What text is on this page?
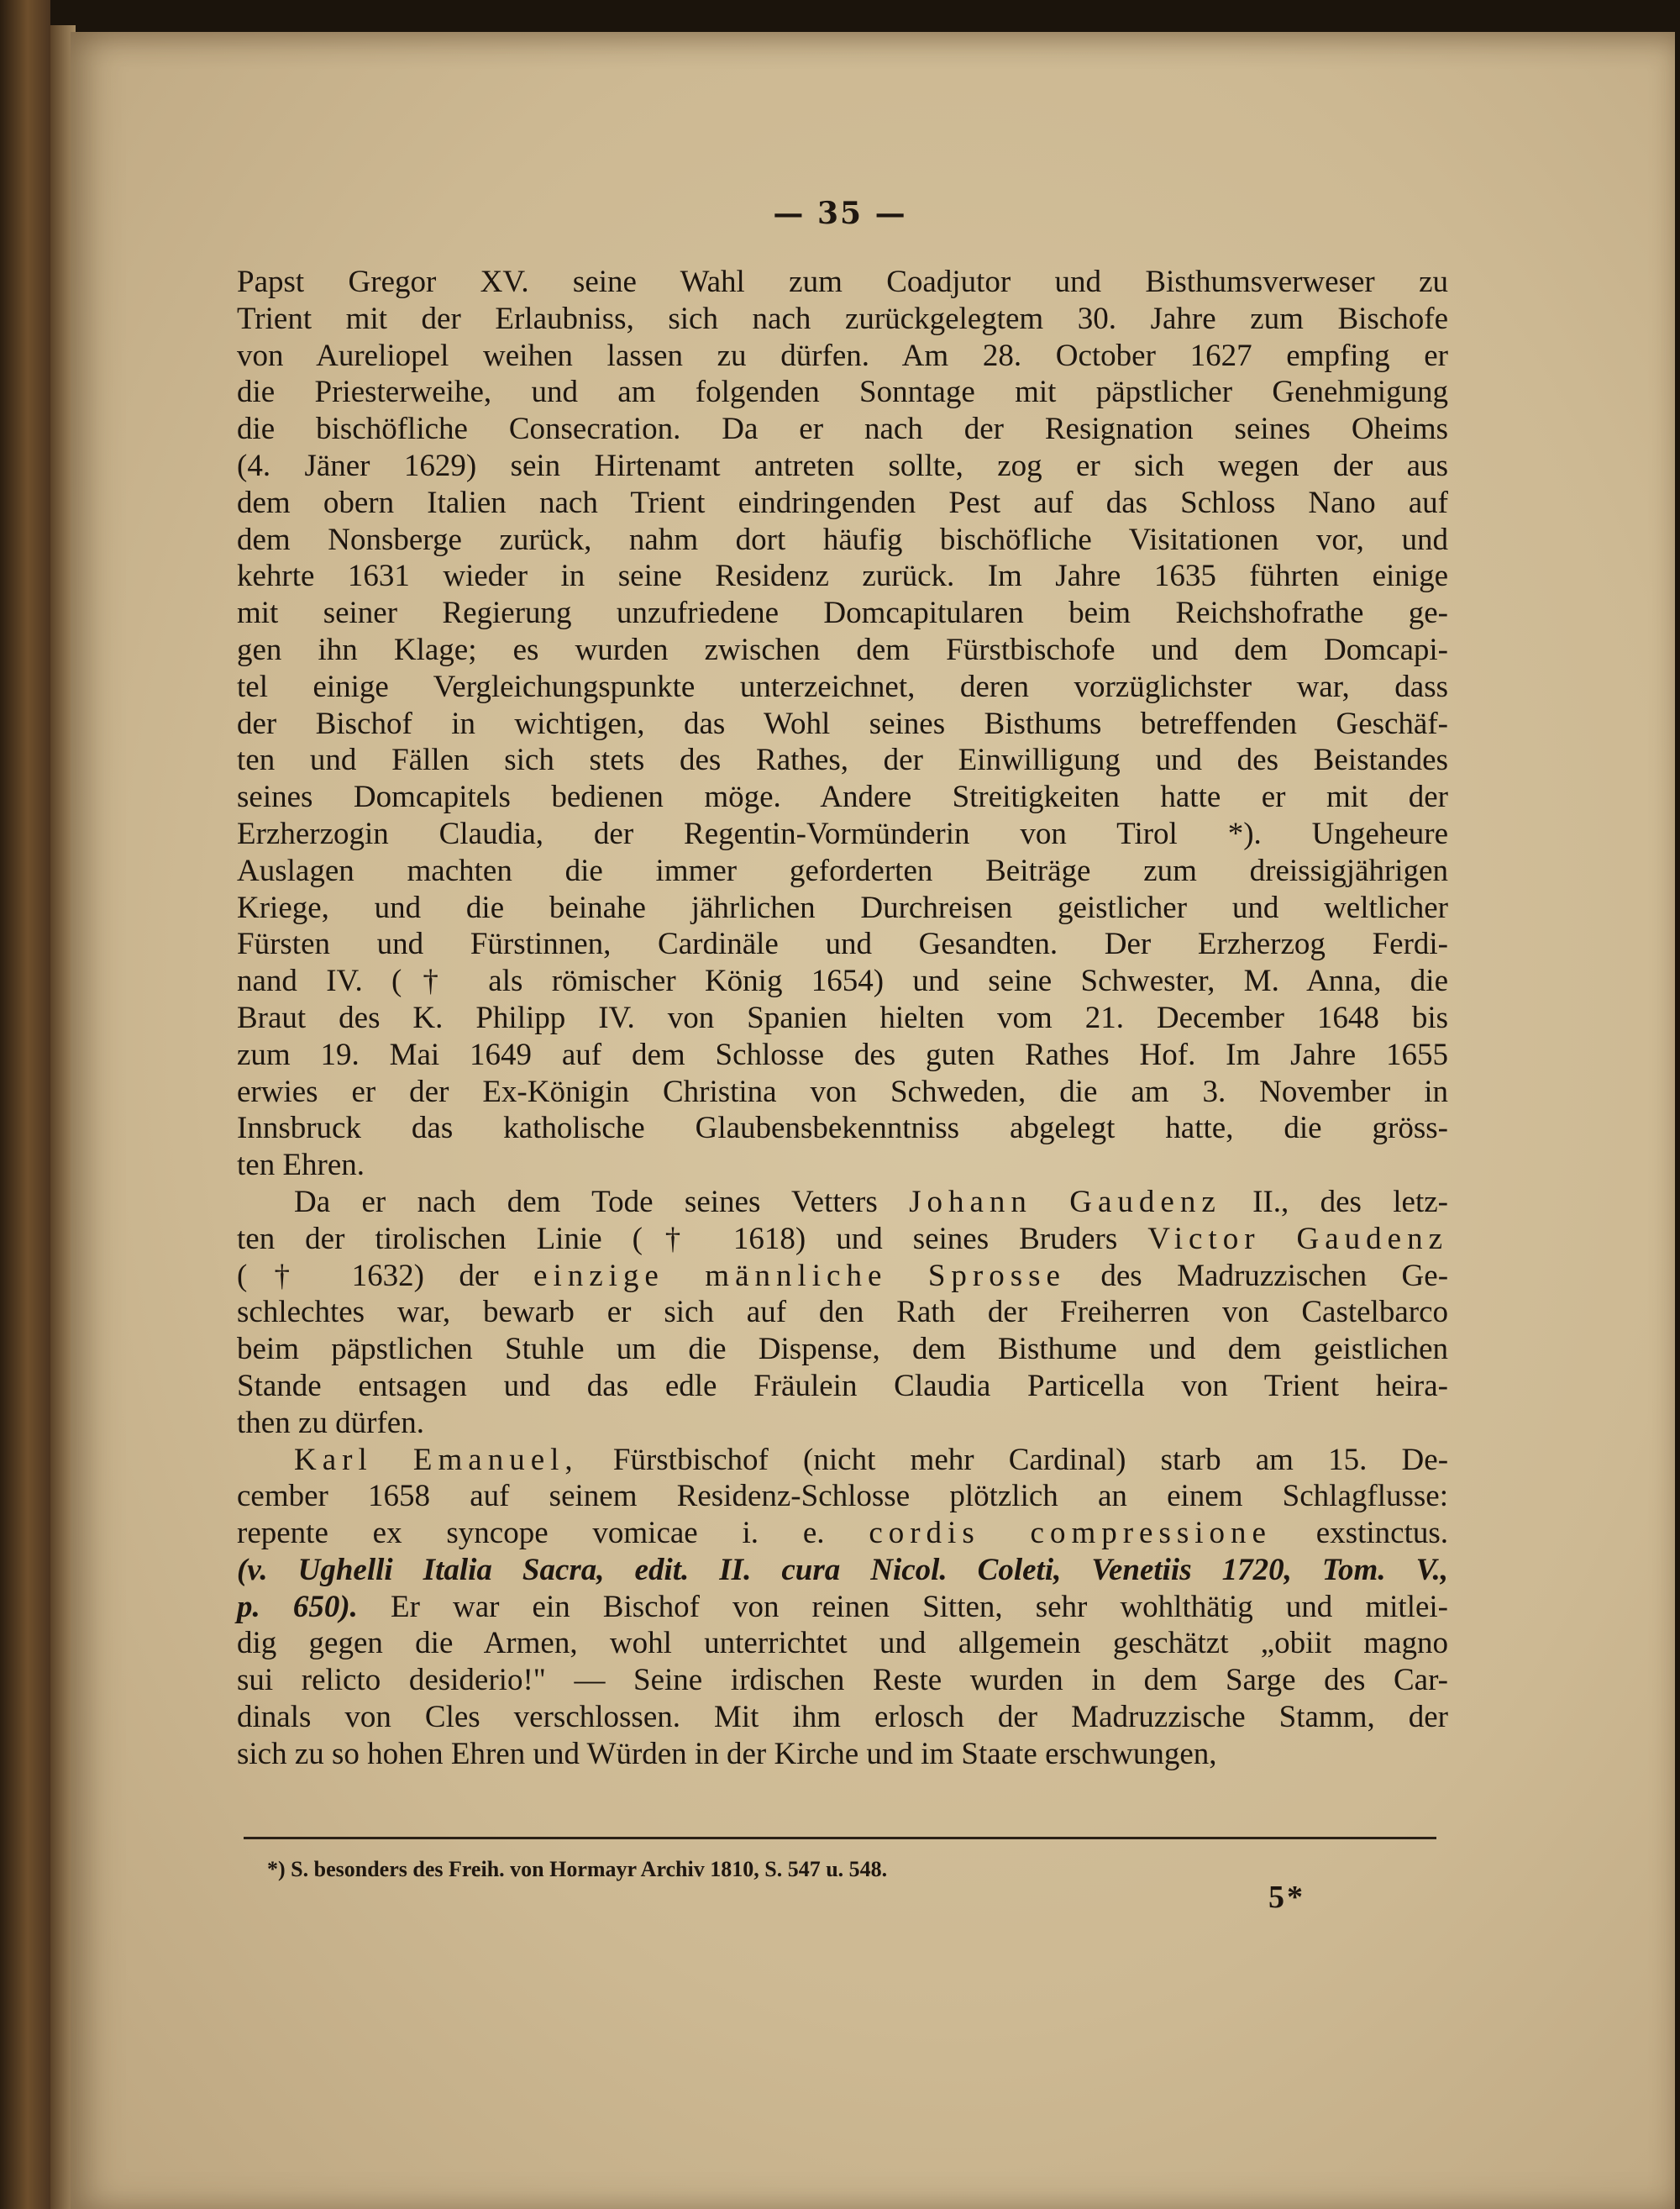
— 35 —
Papst Gregor XV. seine Wahl zum Coadjutor und Bisthumsverweser zu
Trient mit der Erlaubniss, sich nach zurückgelegtem 30. Jahre zum Bischofe
von Aureliopel weihen lassen zu dürfen. Am 28. October 1627 empfing er
die Priesterweihe, und am folgenden Sonntage mit päpstlicher Genehmigung
die bischöfliche Consecration. Da er nach der Resignation seines Oheims
(4. Jäner 1629) sein Hirtenamt antreten sollte, zog er sich wegen der aus
dem obern Italien nach Trient eindringenden Pest auf das Schloss Nano auf
dem Nonsberge zurück, nahm dort häufig bischöfliche Visitationen vor, und
kehrte 1631 wieder in seine Residenz zurück. Im Jahre 1635 führten einige
mit seiner Regierung unzufriedene Domcapitularen beim Reichshofrathe ge-
gen ihn Klage; es wurden zwischen dem Fürstbischofe und dem Domcapi-
tel einige Vergleichungspunkte unterzeichnet, deren vorzüglichster war, dass
der Bischof in wichtigen, das Wohl seines Bisthums betreffenden Geschäf-
ten und Fällen sich stets des Rathes, der Einwilligung und des Beistandes
seines Domcapitels bedienen möge. Andere Streitigkeiten hatte er mit der
Erzherzogin Claudia, der Regentin-Vormünderin von Tirol *). Ungeheure
Auslagen machten die immer geforderten Beiträge zum dreissigjährigen
Kriege, und die beinahe jährlichen Durchreisen geistlicher und weltlicher
Fürsten und Fürstinnen, Cardinäle und Gesandten. Der Erzherzog Ferdi-
nand IV. († als römischer König 1654) und seine Schwester, M. Anna, die
Braut des K. Philipp IV. von Spanien hielten vom 21. December 1648 bis
zum 19. Mai 1649 auf dem Schlosse des guten Rathes Hof. Im Jahre 1655
erwies er der Ex-Königin Christina von Schweden, die am 3. November in
Innsbruck das katholische Glaubensbekenntniss abgelegt hatte, die gröss-
ten Ehren.
Da er nach dem Tode seines Vetters Johann Gaudenz II., des letz-
ten der tirolischen Linie († 1618) und seines Bruders Victor Gaudenz
(† 1632) der einzige männliche Sprosse des Madruzzischen Ge-
schlechtes war, bewarb er sich auf den Rath der Freiherren von Castelbarco
beim päpstlichen Stuhle um die Dispense, dem Bisthume und dem geistlichen
Stande entsagen und das edle Fräulein Claudia Particella von Trient heira-
then zu dürfen.
Karl Emanuel, Fürstbischof (nicht mehr Cardinal) starb am 15. De-
cember 1658 auf seinem Residenz-Schlosse plötzlich an einem Schlagflusse:
repente ex syncope vomicae i. e. cordis compressione exstinctus.
(v. Ughelli Italia Sacra, edit. II. cura Nicol. Coleti, Venetiis 1720, Tom. V.,
p. 650). Er war ein Bischof von reinen Sitten, sehr wohlthätig und mitlei-
dig gegen die Armen, wohl unterrichtet und allgemein geschätzt „obiit magno
sui relicto desiderio!" — Seine irdischen Reste wurden in dem Sarge des Car-
dinals von Cles verschlossen. Mit ihm erlosch der Madruzzische Stamm, der
sich zu so hohen Ehren und Würden in der Kirche und im Staate erschwungen,
*) S. besonders des Freih. von Hormayr Archiv 1810, S. 547 u. 548.
5*
